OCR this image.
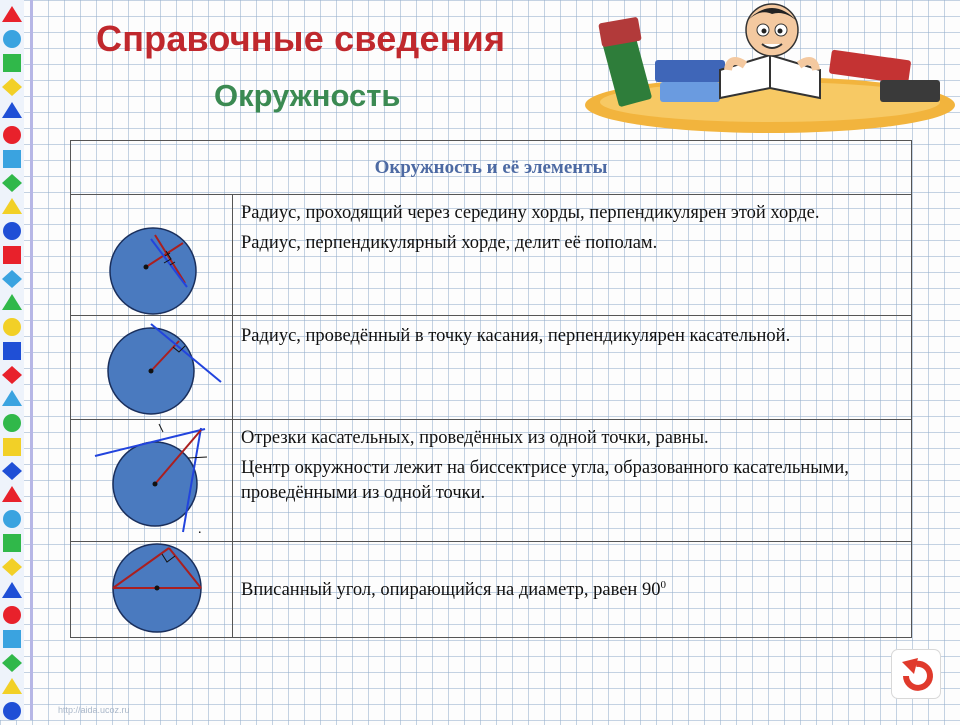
Справочные сведения
Окружность
Окружность и её элементы

Радиус, проходящий через середину хорды, перпендикулярен этой хорде.

Радиус, перпендикулярный хорде, делит её пополам.

Радиус, проведённый в точку касания, перпендикулярен касательной.

Отрезки касательных, проведённых из одной точки, равны.

Центр окружности лежит на биссектрисе угла, образованного касательными, проведёнными из одной точки.

Вписанный угол, опирающийся на диаметр, равен $90^0$

.
http://aida.ucoz.ru
